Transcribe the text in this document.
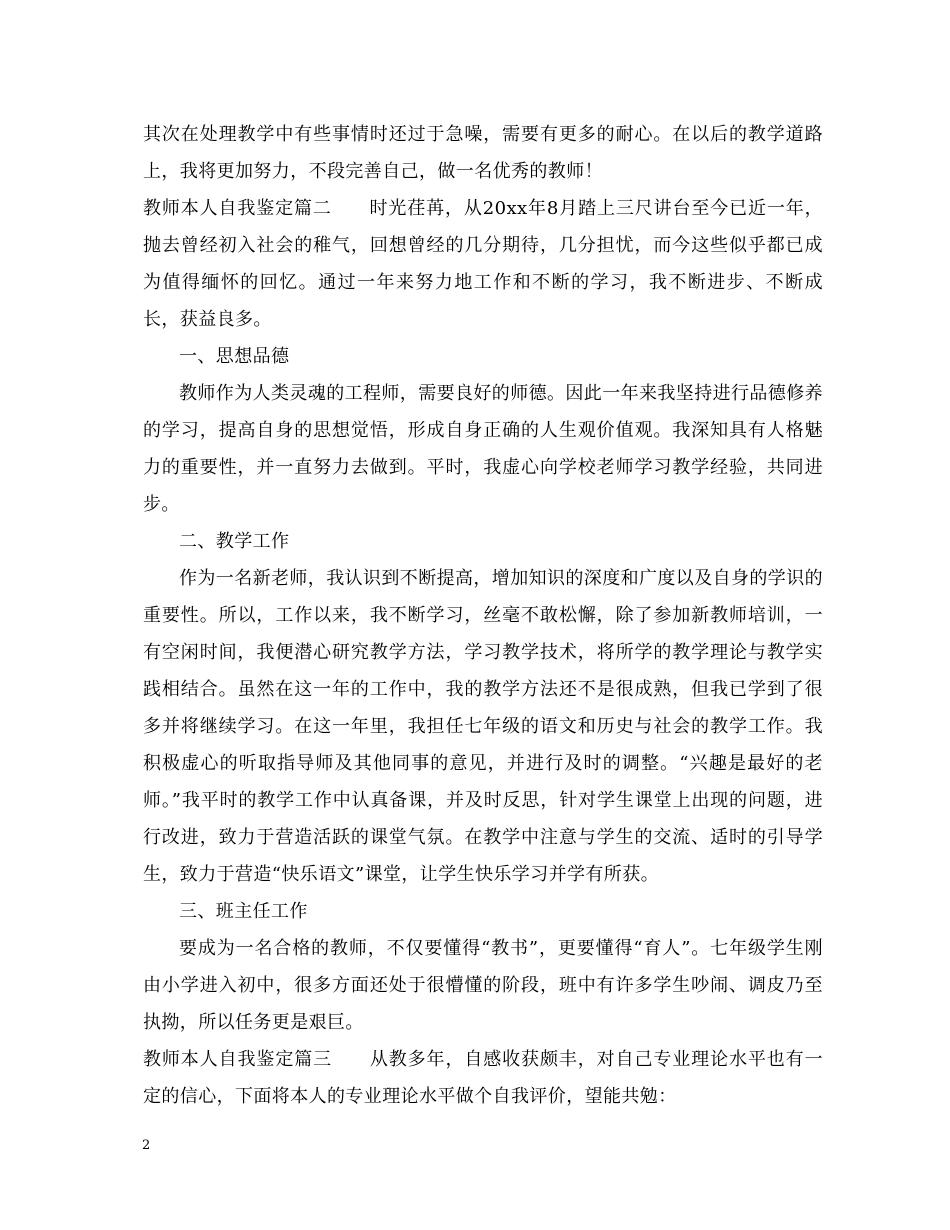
其次在处理教学中有些事情时还过于急噪，需要有更多的耐心。在以后的教学道路上，我将更加努力，不段完善自己，做一名优秀的教师！

教师本人自我鉴定篇二　　时光荏苒，从20xx年8月踏上三尺讲台至今已近一年，抛去曾经初入社会的稚气，回想曾经的几分期待，几分担忧，而今这些似乎都已成为值得缅怀的回忆。通过一年来努力地工作和不断的学习，我不断进步、不断成长，获益良多。

一、思想品德

教师作为人类灵魂的工程师，需要良好的师德。因此一年来我坚持进行品德修养的学习，提高自身的思想觉悟，形成自身正确的人生观价值观。我深知具有人格魅力的重要性，并一直努力去做到。平时，我虚心向学校老师学习教学经验，共同进步。

二、教学工作

作为一名新老师，我认识到不断提高，增加知识的深度和广度以及自身的学识的重要性。所以，工作以来，我不断学习，丝毫不敢松懈，除了参加新教师培训，一有空闲时间，我便潜心研究教学方法，学习教学技术，将所学的教学理论与教学实践相结合。虽然在这一年的工作中，我的教学方法还不是很成熟，但我已学到了很多并将继续学习。在这一年里，我担任七年级的语文和历史与社会的教学工作。我积极虚心的听取指导师及其他同事的意见，并进行及时的调整。“兴趣是最好的老师。”我平时的教学工作中认真备课，并及时反思，针对学生课堂上出现的问题，进行改进，致力于营造活跃的课堂气氛。在教学中注意与学生的交流、适时的引导学生，致力于营造“快乐语文”课堂，让学生快乐学习并学有所获。

三、班主任工作

要成为一名合格的教师，不仅要懂得“教书”，更要懂得“育人”。七年级学生刚由小学进入初中，很多方面还处于很懵懂的阶段，班中有许多学生吵闹、调皮乃至执拗，所以任务更是艰巨。

教师本人自我鉴定篇三　　从教多年，自感收获颇丰，对自己专业理论水平也有一定的信心，下面将本人的专业理论水平做个自我评价，望能共勉：

2
